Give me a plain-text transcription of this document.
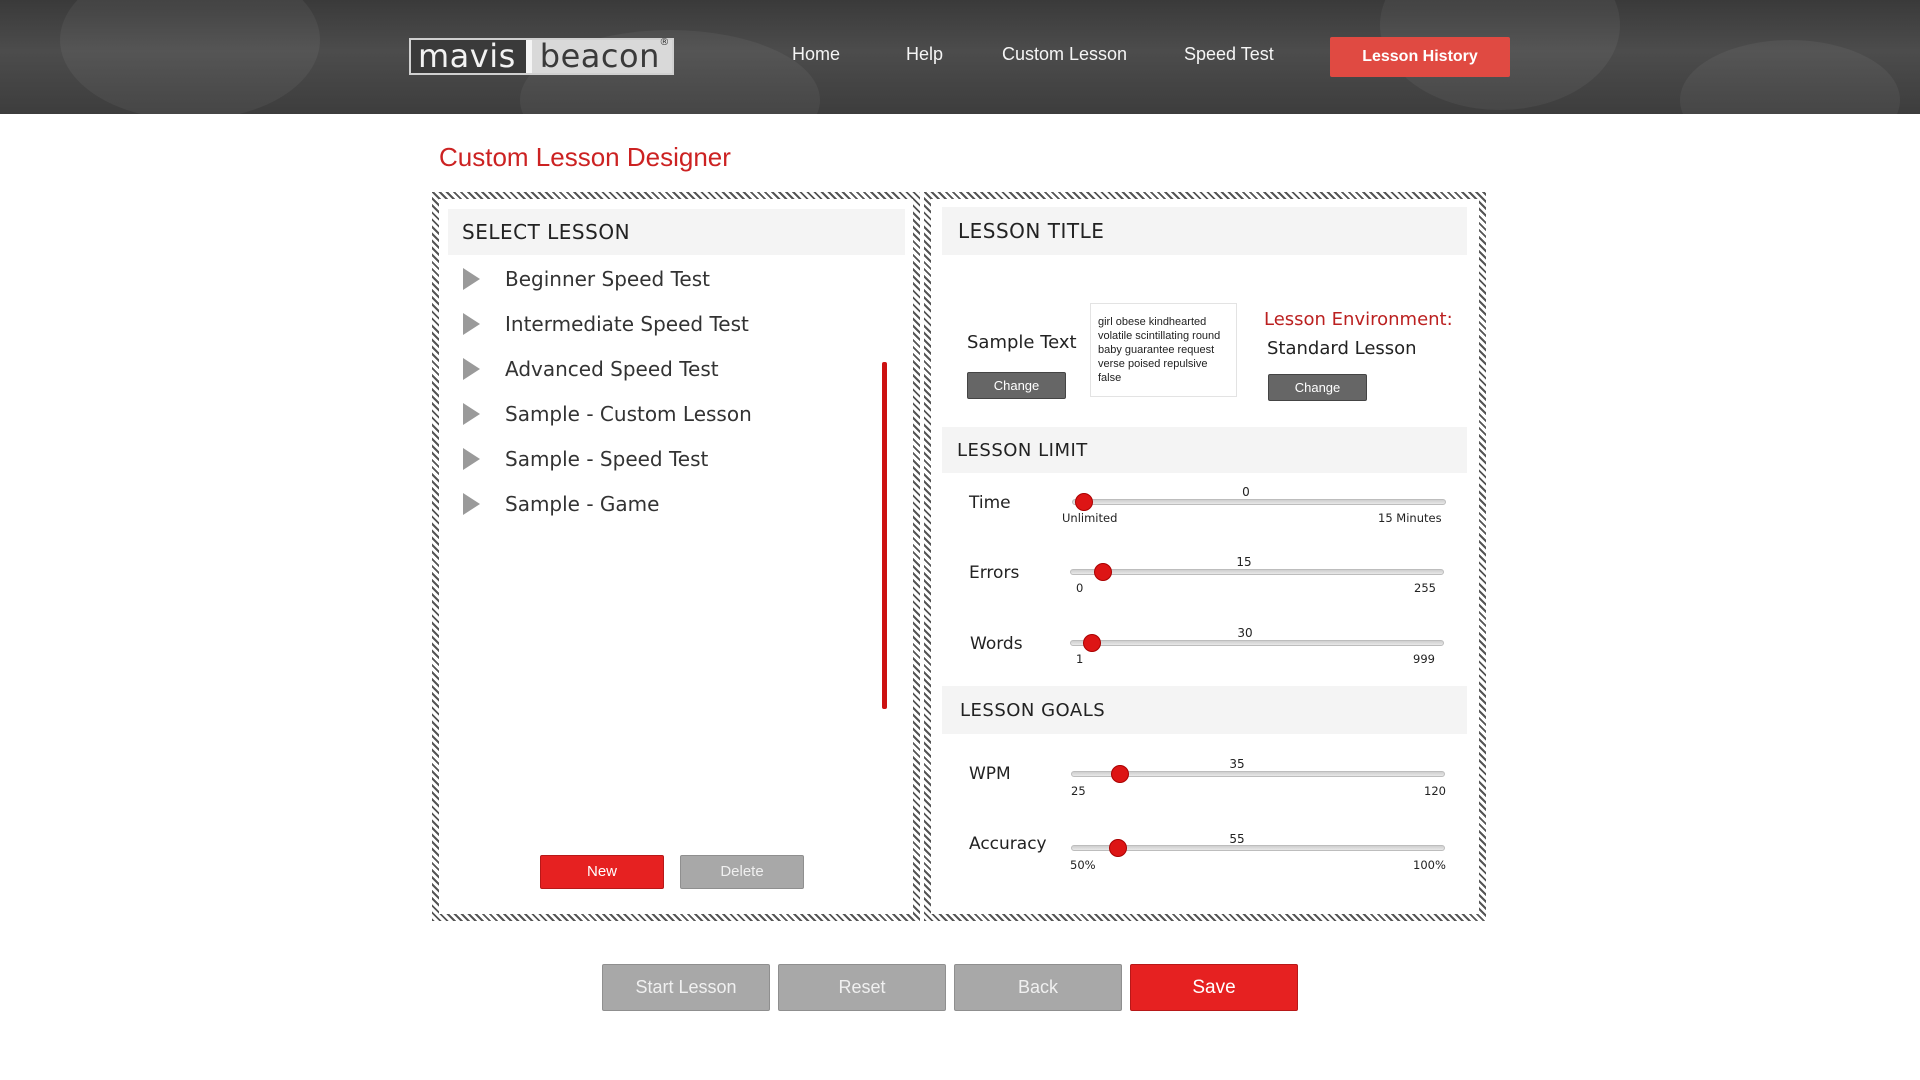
mavis beacon ®
Home	Help	Custom Lesson	Speed Test	Lesson History
Custom Lesson Designer
SELECT LESSON
Beginner Speed Test
Intermediate Speed Test
Advanced Speed Test
Sample - Custom Lesson
Sample - Speed Test
Sample - Game
New	Delete
LESSON TITLE
Sample Text
Change
girl obese kindhearted volatile scintillating round baby guarantee request verse poised repulsive false
Lesson Environment:
Standard Lesson
Change
LESSON LIMIT
Time
0
Unlimited	15 Minutes
Errors
15
0	255
Words
30
1	999
LESSON GOALS
WPM	35
25	120
Accuracy	55
50%	100%
Start Lesson	Reset	Back	Save
